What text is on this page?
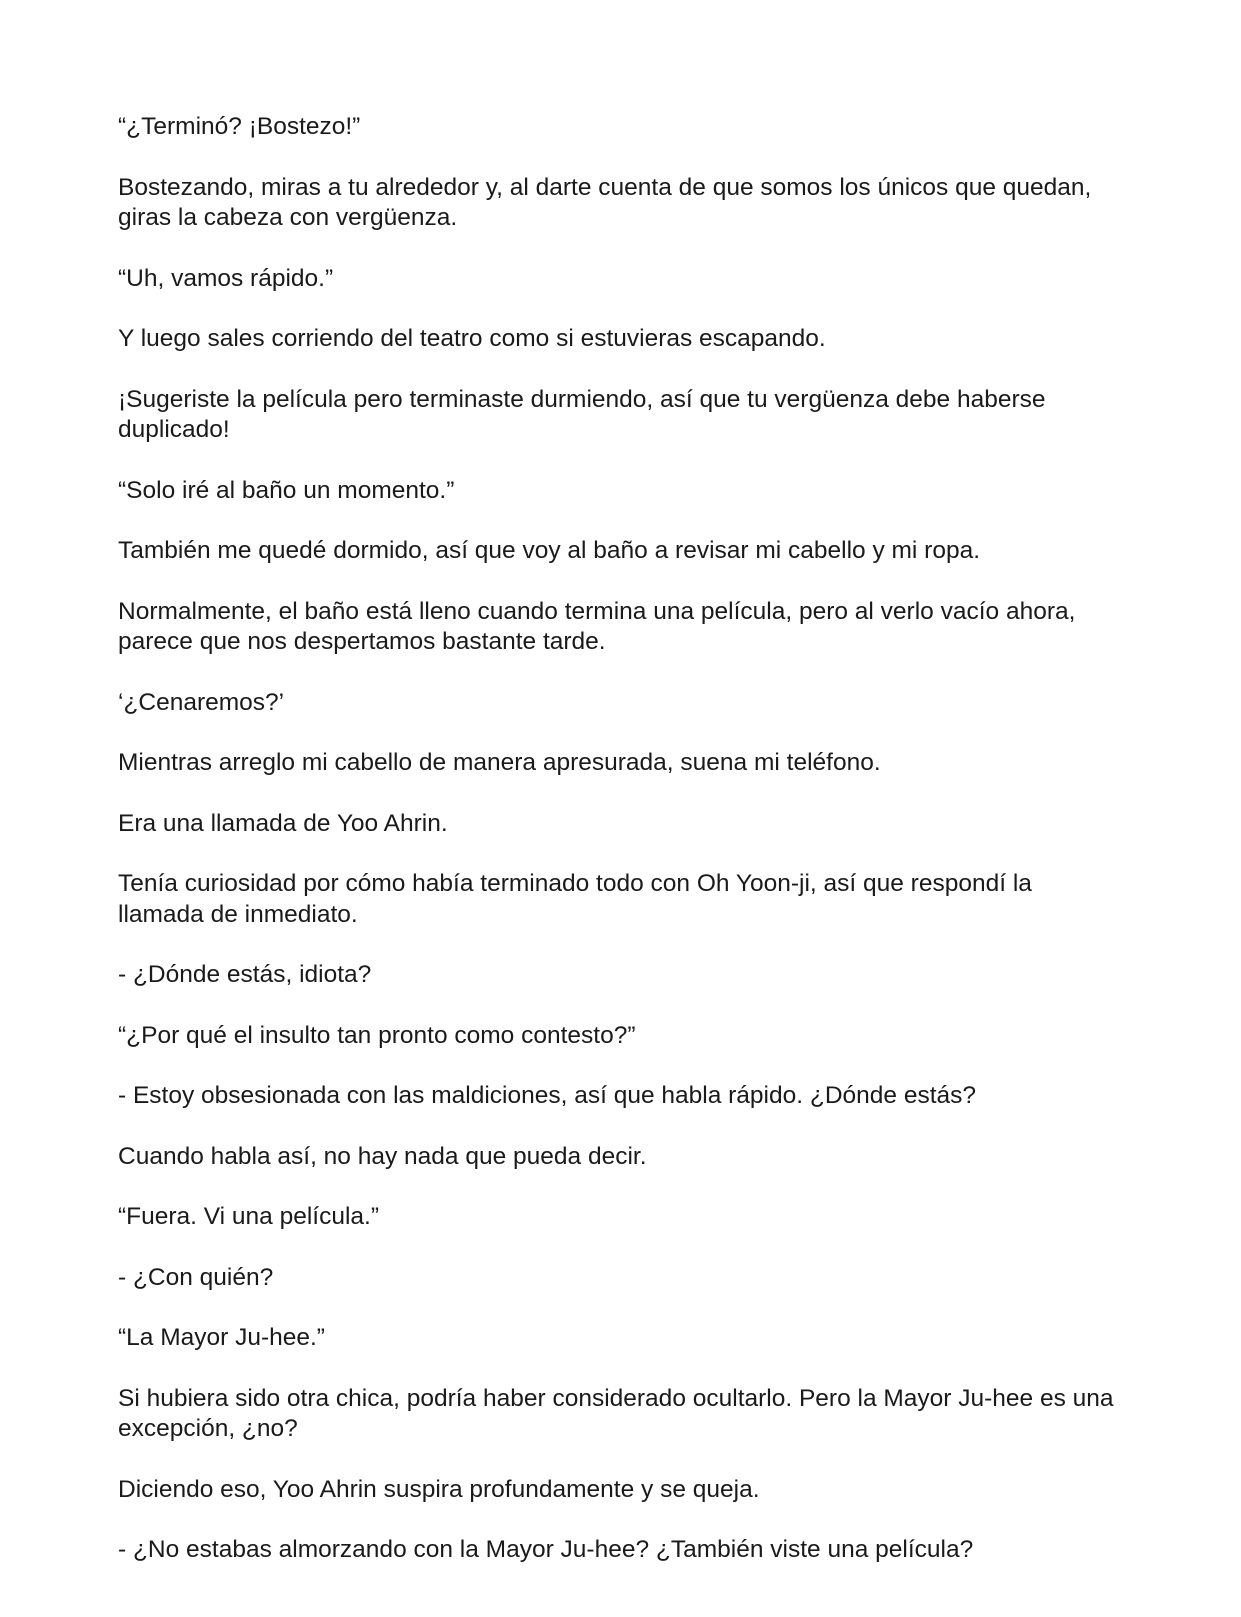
“¿Terminó? ¡Bostezo!”

Bostezando, miras a tu alrededor y, al darte cuenta de que somos los únicos que quedan, giras la cabeza con vergüenza.

“Uh, vamos rápido.”

Y luego sales corriendo del teatro como si estuvieras escapando.

¡Sugeriste la película pero terminaste durmiendo, así que tu vergüenza debe haberse duplicado!

“Solo iré al baño un momento.”

También me quedé dormido, así que voy al baño a revisar mi cabello y mi ropa.

Normalmente, el baño está lleno cuando termina una película, pero al verlo vacío ahora, parece que nos despertamos bastante tarde.

‘¿Cenaremos?’

Mientras arreglo mi cabello de manera apresurada, suena mi teléfono.

Era una llamada de Yoo Ahrin.

Tenía curiosidad por cómo había terminado todo con Oh Yoon-ji, así que respondí la llamada de inmediato.

- ¿Dónde estás, idiota?

“¿Por qué el insulto tan pronto como contesto?”

- Estoy obsesionada con las maldiciones, así que habla rápido. ¿Dónde estás?

Cuando habla así, no hay nada que pueda decir.

“Fuera. Vi una película.”

- ¿Con quién?

“La Mayor Ju-hee.”

Si hubiera sido otra chica, podría haber considerado ocultarlo. Pero la Mayor Ju-hee es una excepción, ¿no?

Diciendo eso, Yoo Ahrin suspira profundamente y se queja.

- ¿No estabas almorzando con la Mayor Ju-hee? ¿También viste una película?
